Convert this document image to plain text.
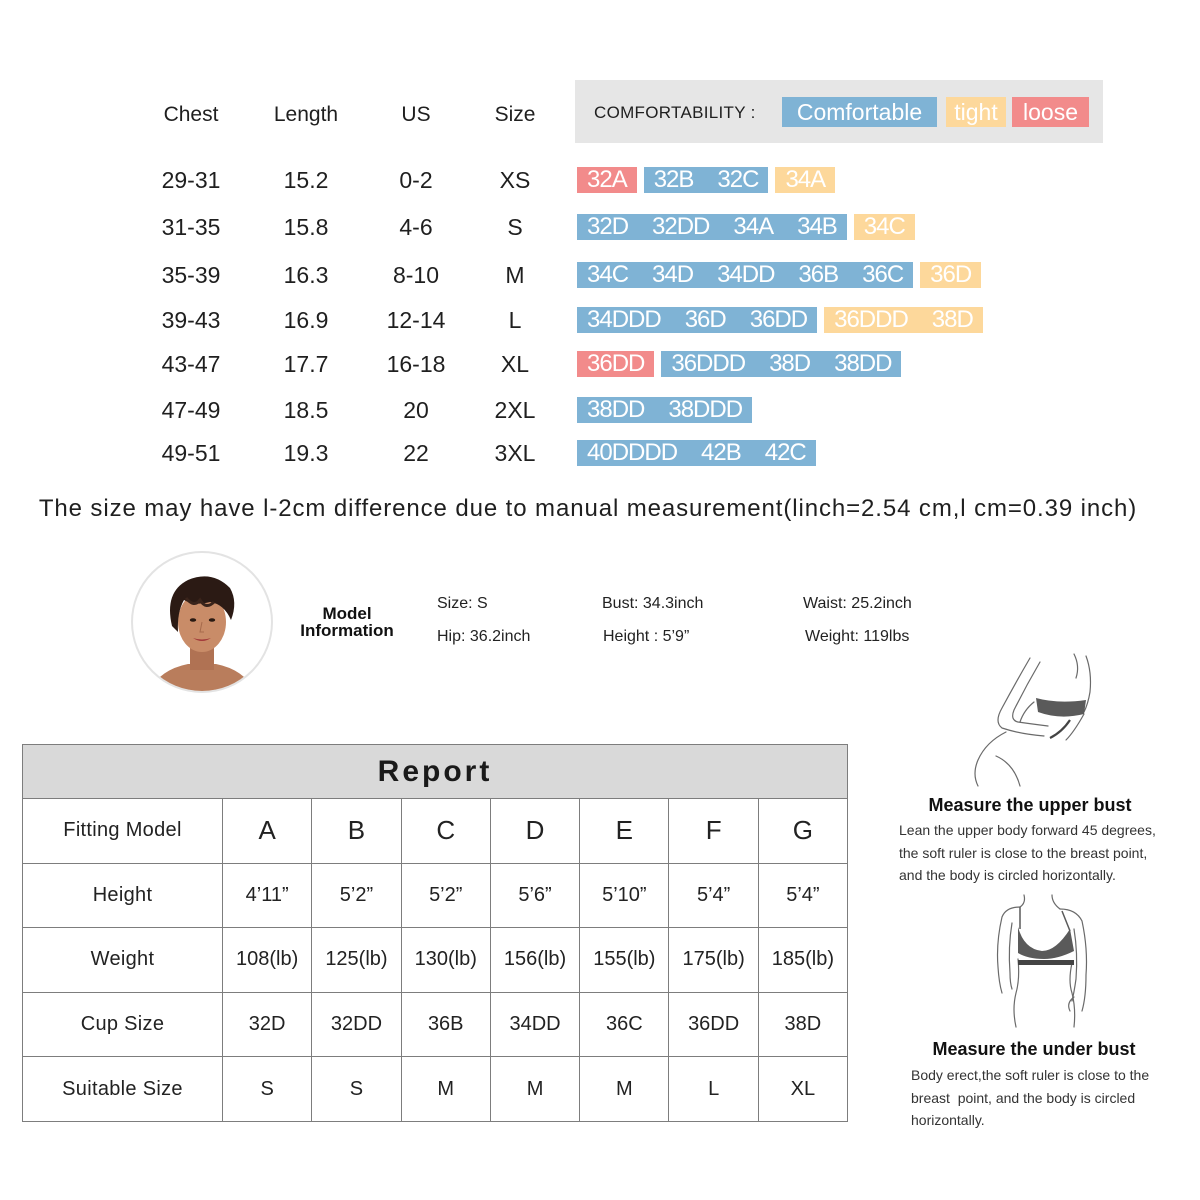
Chest	Length	US	Size	COMFORTABILITY :	Comfortable	tight	loose
29-31	15.2	0-2	XS	32A 32B 32C 34A
31-35	15.8	4-6	S	32D 32DD 34A 34B 34C
35-39	16.3	8-10	M	34C 34D 34DD 36B 36C 36D
39-43	16.9	12-14	L	34DDD 36D 36DD 36DDD 38D
43-47	17.7	16-18	XL	36DD 36DDD 38D 38DD
47-49	18.5	20	2XL	38DD 38DDD
49-51	19.3	22	3XL	40DDDD 42B 42C
The size may have l-2cm difference due to manual measurement(linch=2.54 cm,l cm=0.39 inch)
Model
Information
Size: S	Bust: 34.3inch	Waist: 25.2inch
Hip: 36.2inch	Height : 5’9”	Weight: 119lbs
Report							
Fitting Model	A	B	C	D	E	F	G
Height	4’11”	5’2”	5’2”	5’6”	5’10”	5’4”	5’4”
Weight	108(lb)	125(lb)	130(lb)	156(lb)	155(lb)	175(lb)	185(lb)
Cup Size	32D	32DD	36B	34DD	36C	36DD	38D
Suitable Size	S	S	M	M	M	L	XL
Measure the upper bust
Lean the upper body forward 45 degrees,
the soft ruler is close to the breast point,
and the body is circled horizontally.
Measure the under bust
Body erect,the soft ruler is close to the
breast  point, and the body is circled
horizontally.
